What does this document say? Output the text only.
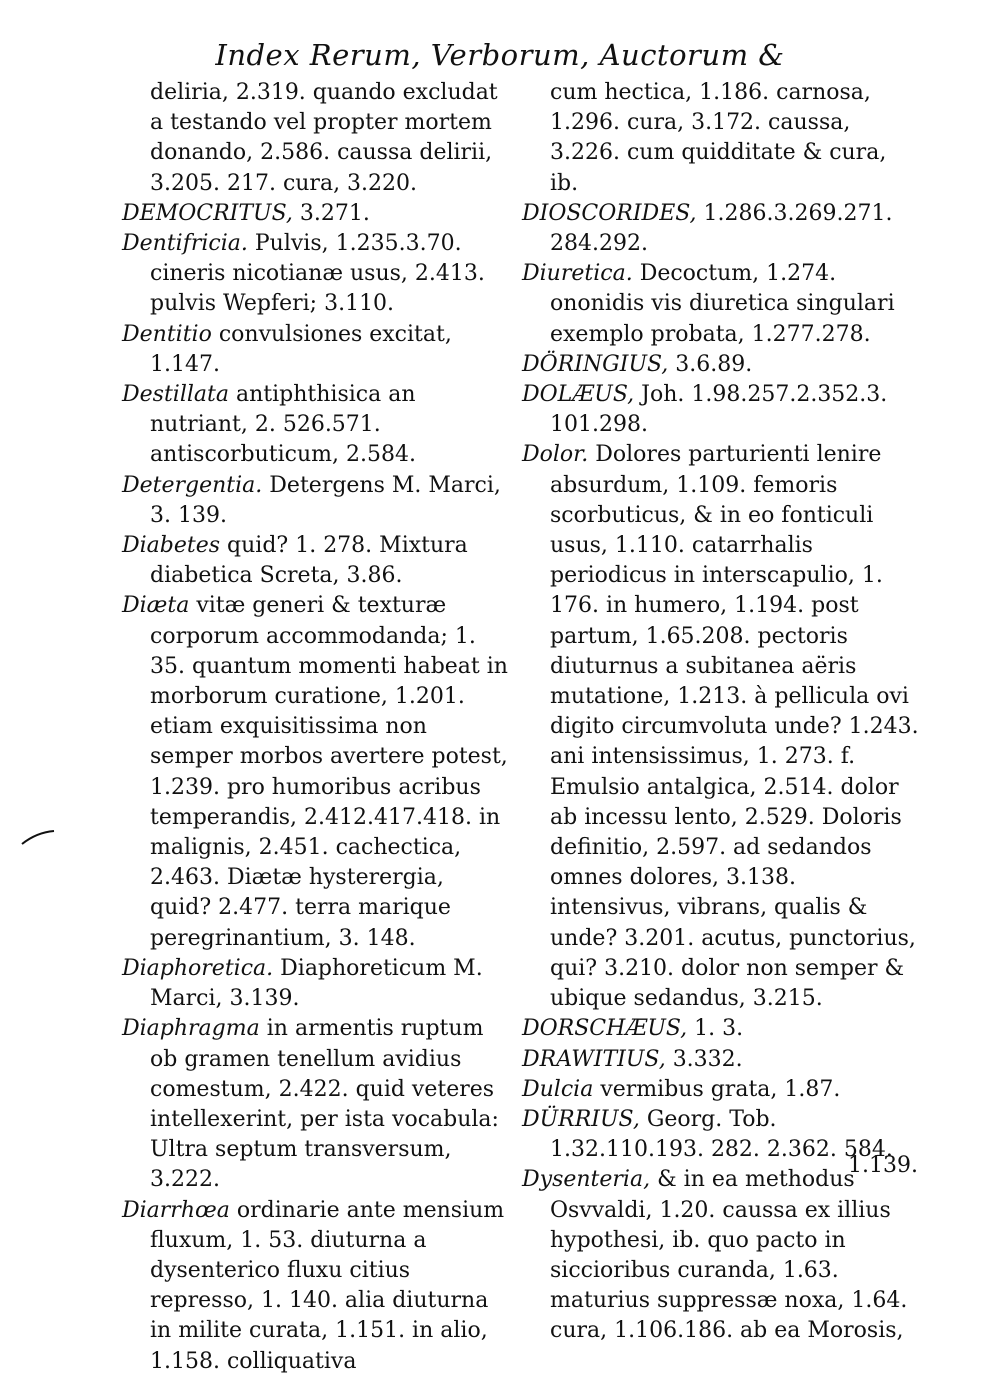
Index Rerum, Verborum, Auctorum &

deliria, 2.319. quando excludat a testando vel propter mortem donando, 2.586. caussa delirii, 3.205. 217. cura, 3.220.

DEMOCRITUS, 3.271.

Dentifricia. Pulvis, 1.235.3.70. cineris nicotianæ usus, 2.413. pulvis Wepferi; 3.110.

Dentitio convulsiones excitat, 1.147.

Destillata antiphthisica an nutriant, 2. 526.571. antiscorbuticum, 2.584.

Detergentia. Detergens M. Marci, 3. 139.

Diabetes quid? 1. 278. Mixtura diabetica Screta, 3.86.

Diæta vitæ generi & texturæ corporum accommodanda; 1. 35. quantum momenti habeat in morborum curatione, 1.201. etiam exquisitissima non semper morbos avertere potest, 1.239. pro humoribus acribus temperandis, 2.412.417.418. in malignis, 2.451. cachectica, 2.463. Diætæ hysterergia, quid? 2.477. terra marique peregrinantium, 3. 148.

Diaphoretica. Diaphoreticum M. Marci, 3.139.

Diaphragma in armentis ruptum ob gramen tenellum avidius comestum, 2.422. quid veteres intellexerint, per ista vocabula: Ultra septum transversum, 3.222.

Diarrhœa ordinarie ante mensium fluxum, 1. 53. diuturna a dysenterico fluxu citius represso, 1. 140. alia diuturna in milite curata, 1.151. in alio, 1.158. colliquativa

cum hectica, 1.186. carnosa, 1.296. cura, 3.172. caussa, 3.226. cum quidditate & cura, ib.

DIOSCORIDES, 1.286.3.269.271. 284.292.

Diuretica. Decoctum, 1.274. ononidis vis diuretica singulari exemplo probata, 1.277.278.

DÖRINGIUS, 3.6.89.

DOLÆUS, Joh. 1.98.257.2.352.3. 101.298.

Dolor. Dolores parturienti lenire absurdum, 1.109. femoris scorbuticus, & in eo fonticuli usus, 1.110. catarrhalis periodicus in interscapulio, 1. 176. in humero, 1.194. post partum, 1.65.208. pectoris diuturnus a subitanea aëris mutatione, 1.213. à pellicula ovi digito circumvoluta unde? 1.243. ani intensissimus, 1. 273. f. Emulsio antalgica, 2.514. dolor ab incessu lento, 2.529. Doloris definitio, 2.597. ad sedandos omnes dolores, 3.138. intensivus, vibrans, qualis & unde? 3.201. acutus, punctorius, qui? 3.210. dolor non semper & ubique sedandus, 3.215.

DORSCHÆUS, 1. 3.

DRAWITIUS, 3.332.

Dulcia vermibus grata, 1.87.

DÜRRIUS, Georg. Tob. 1.32.110.193. 282. 2.362. 584.

Dysenteria, & in ea methodus Osvvaldi, 1.20. caussa ex illius hypothesi, ib. quo pacto in siccioribus curanda, 1.63. maturius suppressæ noxa, 1.64. cura, 1.106.186. ab ea Morosis,

1.139.
